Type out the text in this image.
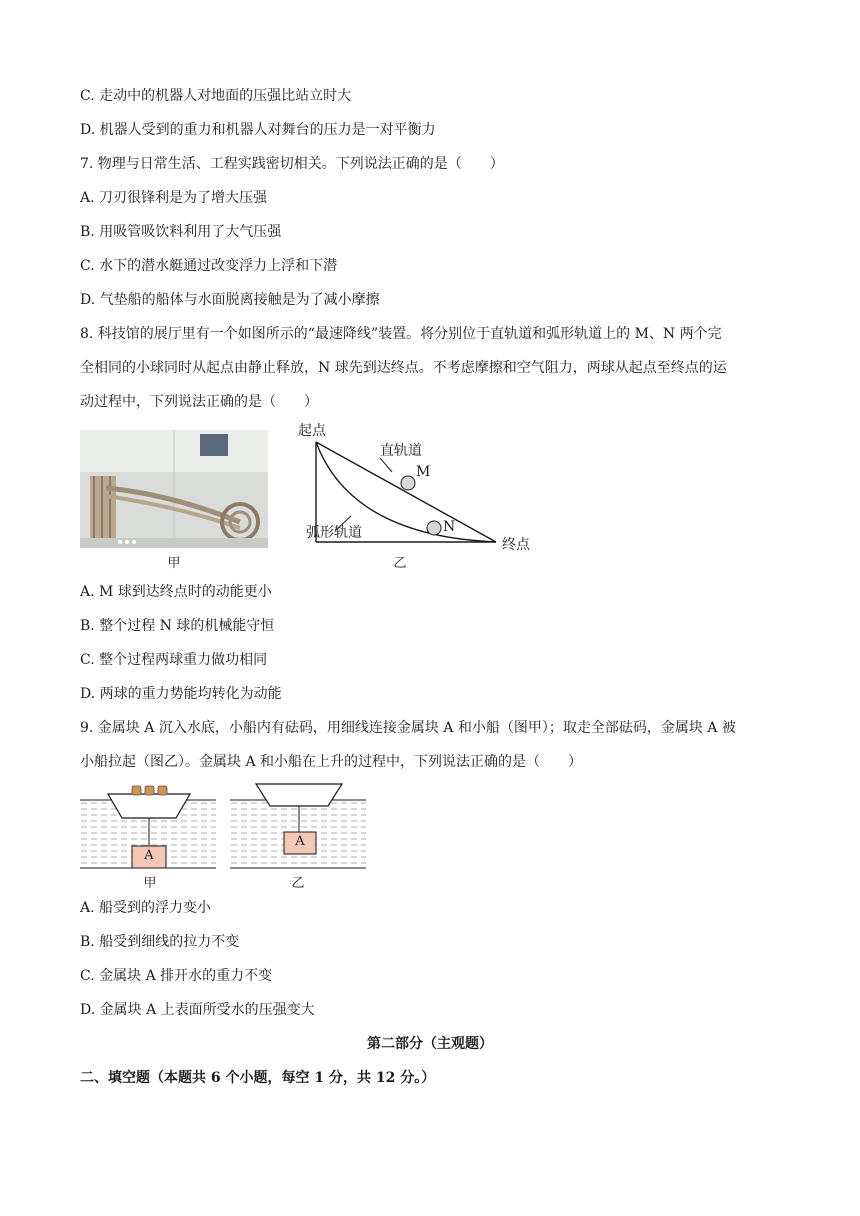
C. 走动中的机器人对地面的压强比站立时大
D. 机器人受到的重力和机器人对舞台的压力是一对平衡力
7. 物理与日常生活、工程实践密切相关。下列说法正确的是（　　）
A. 刀刃很锋利是为了增大压强
B. 用吸管吸饮料利用了大气压强
C. 水下的潜水艇通过改变浮力上浮和下潜
D. 气垫船的船体与水面脱离接触是为了减小摩擦
8. 科技馆的展厅里有一个如图所示的“最速降线”装置。将分别位于直轨道和弧形轨道上的 M、N 两个完
全相同的小球同时从起点由静止释放，N 球先到达终点。不考虑摩擦和空气阻力，两球从起点至终点的运
动过程中，下列说法正确的是（　　）
甲
起点
直轨道
M
弧形轨道	N
终点
乙
A. M 球到达终点时的动能更小
B. 整个过程 N 球的机械能守恒
C. 整个过程两球重力做功相同
D. 两球的重力势能均转化为动能
9. 金属块 A 沉入水底，小船内有砝码，用细线连接金属块 A 和小船（图甲）；取走全部砝码，金属块 A 被
小船拉起（图乙）。金属块 A 和小船在上升的过程中，下列说法正确的是（　　）
A
甲
A
乙
A. 船受到的浮力变小
B. 船受到细线的拉力不变
C. 金属块 A 排开水的重力不变
D. 金属块 A 上表面所受水的压强变大
第二部分（主观题）
二、填空题（本题共 6 个小题，每空 1 分，共 12 分。）
